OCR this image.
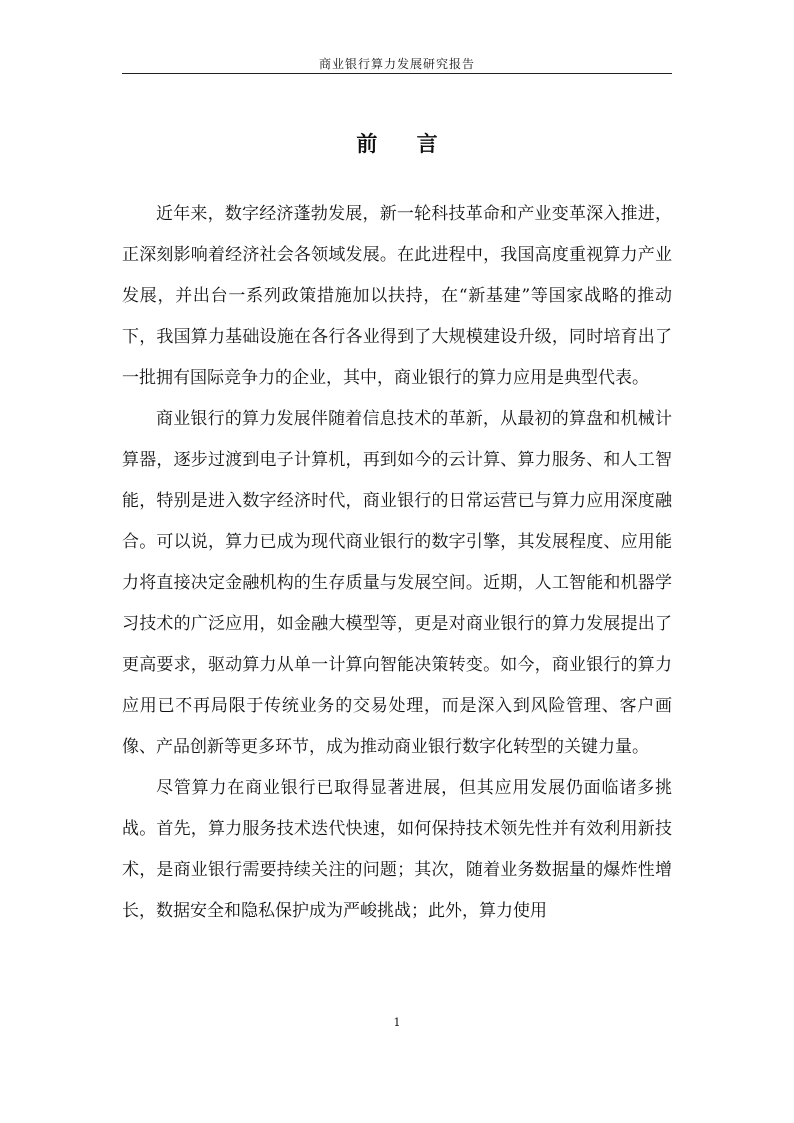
商业银行算力发展研究报告
前 言

近年来，数字经济蓬勃发展，新一轮科技革命和产业变革深入推进，正深刻影响着经济社会各领域发展。在此进程中，我国高度重视算力产业发展，并出台一系列政策措施加以扶持，在“新基建”等国家战略的推动下，我国算力基础设施在各行各业得到了大规模建设升级，同时培育出了一批拥有国际竞争力的企业，其中，商业银行的算力应用是典型代表。

商业银行的算力发展伴随着信息技术的革新，从最初的算盘和机械计算器，逐步过渡到电子计算机，再到如今的云计算、算力服务、和人工智能，特别是进入数字经济时代，商业银行的日常运营已与算力应用深度融合。可以说，算力已成为现代商业银行的数字引擎，其发展程度、应用能力将直接决定金融机构的生存质量与发展空间。近期，人工智能和机器学习技术的广泛应用，如金融大模型等，更是对商业银行的算力发展提出了更高要求，驱动算力从单一计算向智能决策转变。如今，商业银行的算力应用已不再局限于传统业务的交易处理，而是深入到风险管理、客户画像、产品创新等更多环节，成为推动商业银行数字化转型的关键力量。

尽管算力在商业银行已取得显著进展，但其应用发展仍面临诸多挑战。首先，算力服务技术迭代快速，如何保持技术领先性并有效利用新技术，是商业银行需要持续关注的问题；其次，随着业务数据量的爆炸性增长，数据安全和隐私保护成为严峻挑战；此外，算力使用

1
